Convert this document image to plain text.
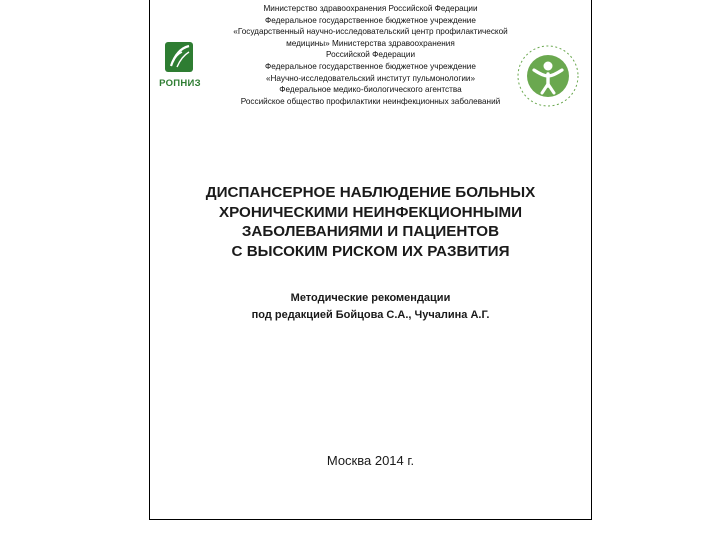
Министерство здравоохранения Российской Федерации
Федеральное государственное бюджетное учреждение
«Государственный научно-исследовательский центр профилактической
медицины» Министерства здравоохранения
Российской Федерации
Федеральное государственное бюджетное учреждение
«Научно-исследовательский институт пульмонологии»
Федеральное медико-биологического агентства
Российское общество профилактики неинфекционных заболеваний
РОПНИЗ
ДИСПАНСЕРНОЕ НАБЛЮДЕНИЕ БОЛЬНЫХ
ХРОНИЧЕСКИМИ НЕИНФЕКЦИОННЫМИ
ЗАБОЛЕВАНИЯМИ И ПАЦИЕНТОВ
С ВЫСОКИМ РИСКОМ ИХ РАЗВИТИЯ
Методические рекомендации
под редакцией Бойцова С.А., Чучалина А.Г.
Москва 2014 г.
